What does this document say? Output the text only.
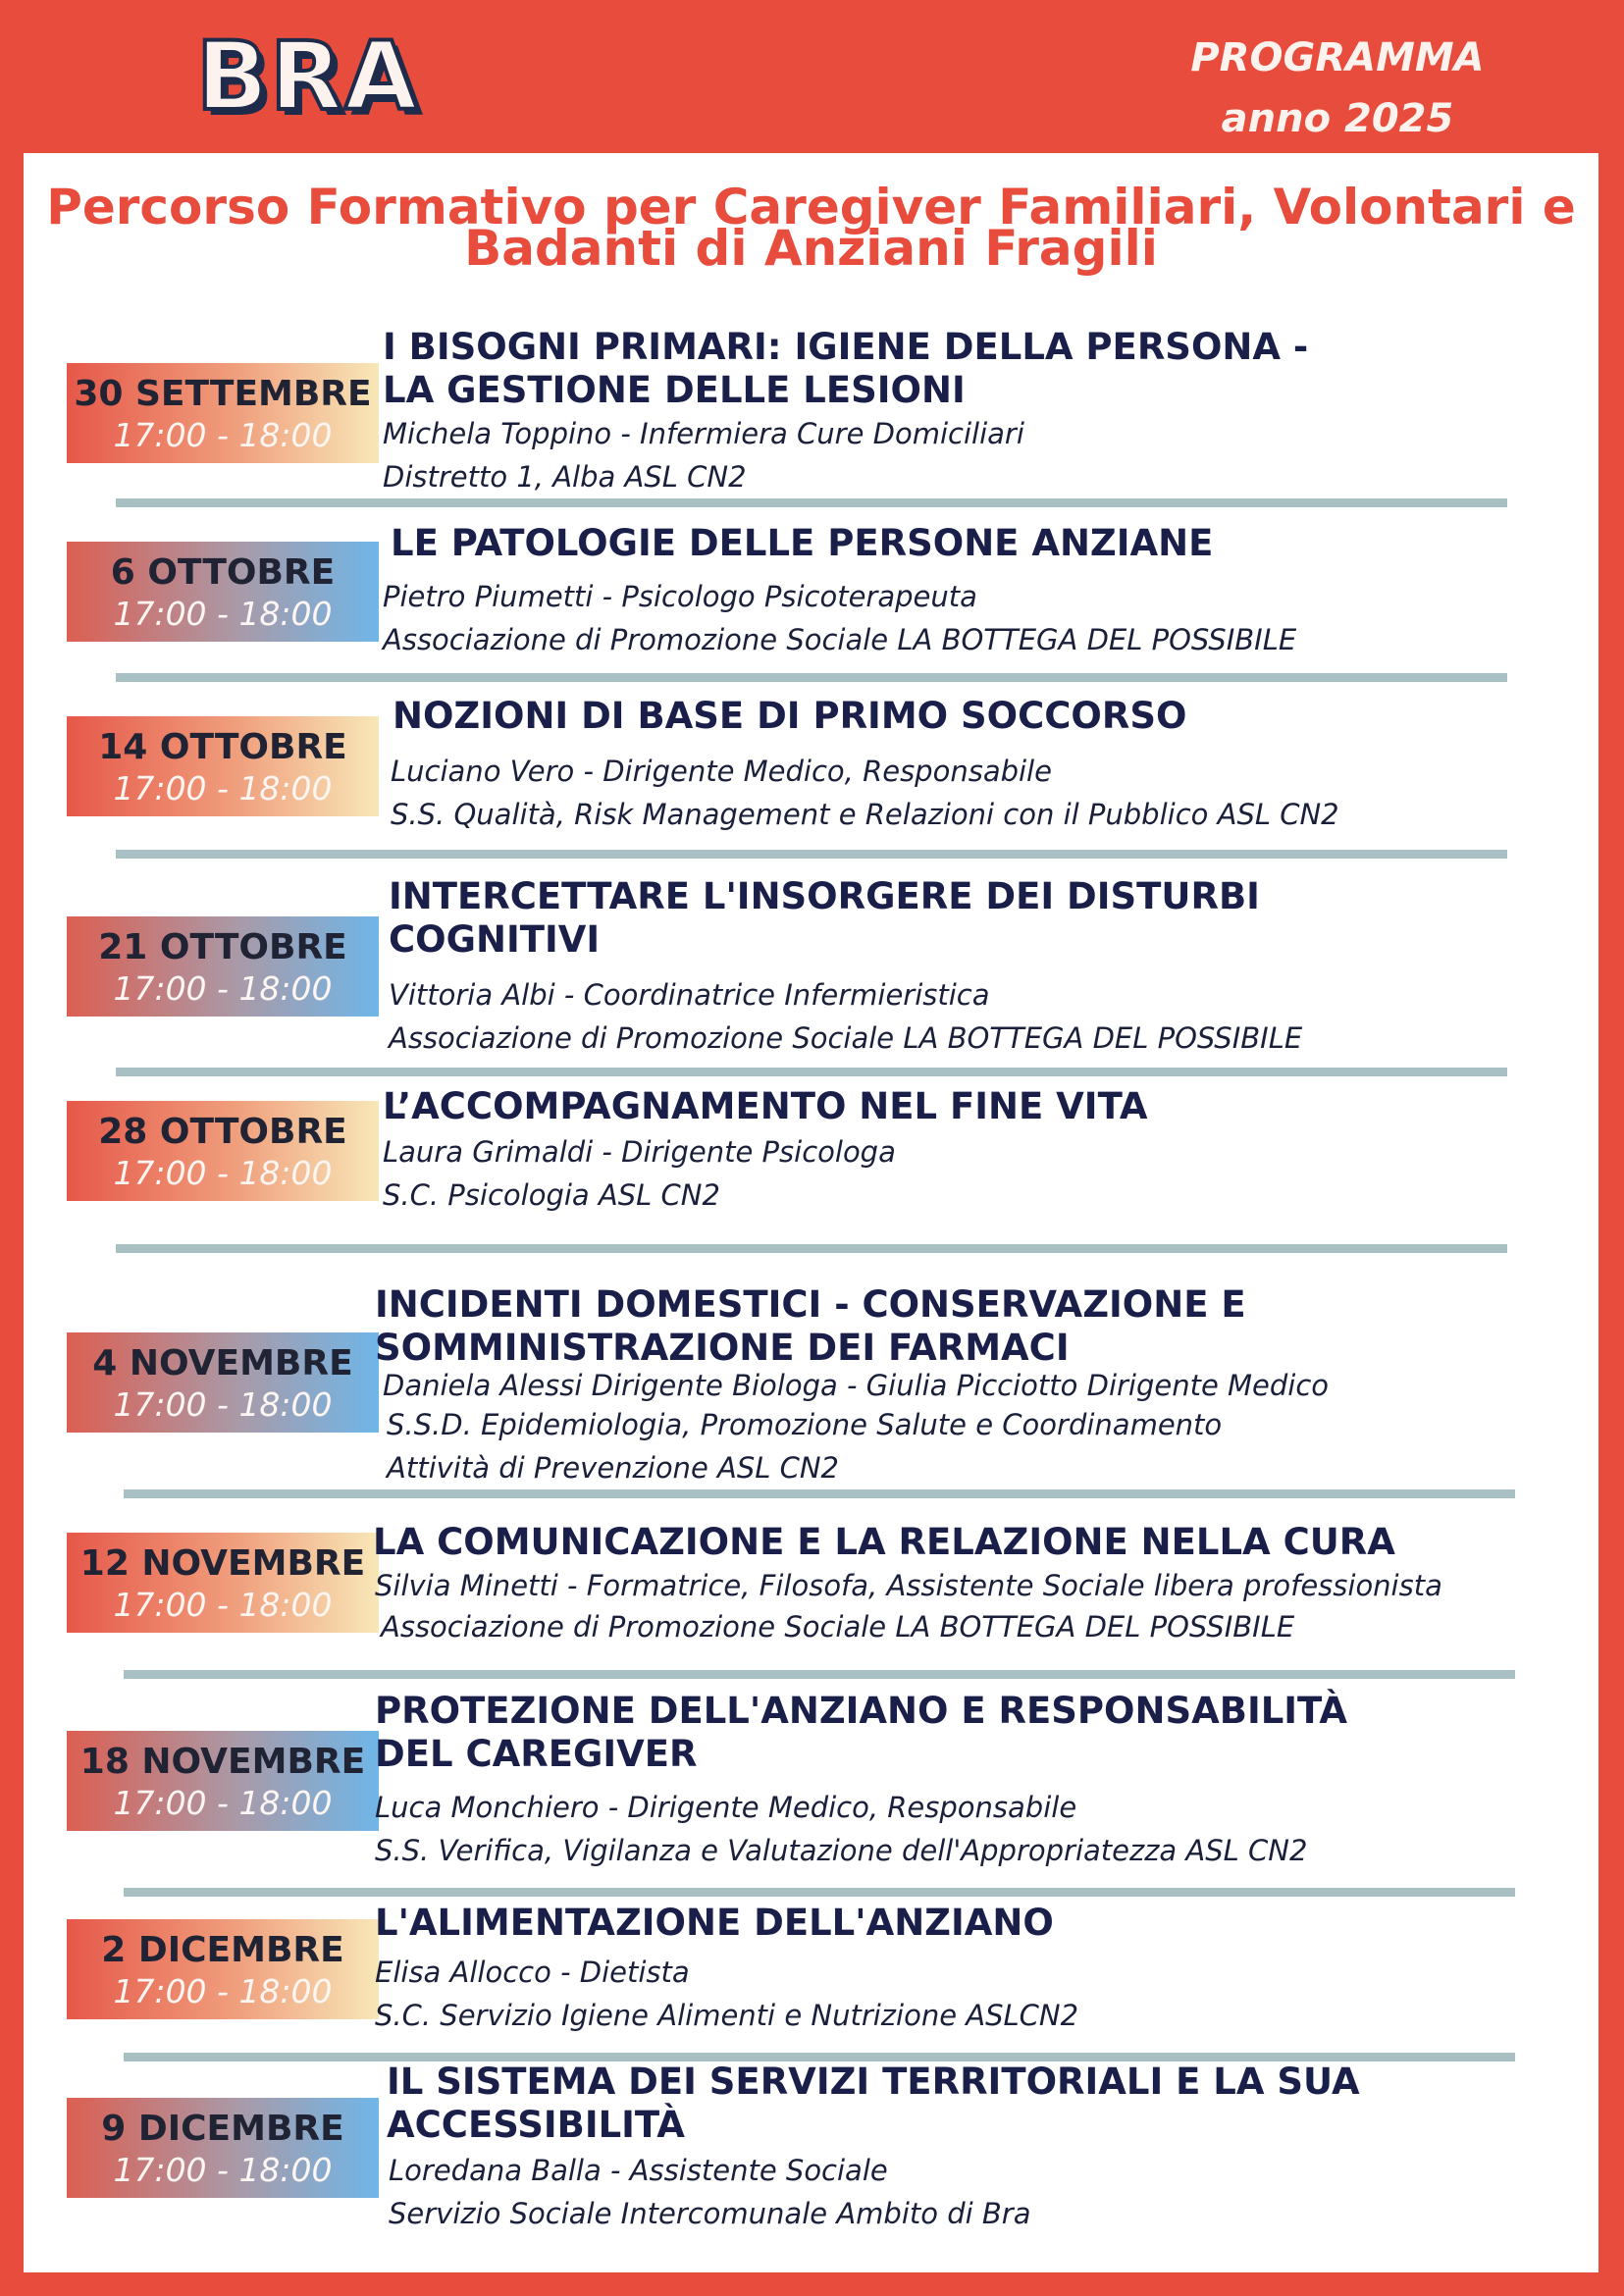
BRA	PROGRAMMA
anno 2025
Percorso Formativo per Caregiver Familiari, Volontari e
Badanti di Anziani Fragili
30 SETTEMBRE
17:00 - 18:00
I BISOGNI PRIMARI: IGIENE DELLA PERSONA -
LA GESTIONE DELLE LESIONI
Michela Toppino - Infermiera Cure Domiciliari
Distretto 1, Alba ASL CN2
6 OTTOBRE
17:00 - 18:00
LE PATOLOGIE DELLE PERSONE ANZIANE
Pietro Piumetti - Psicologo Psicoterapeuta
Associazione di Promozione Sociale LA BOTTEGA DEL POSSIBILE
14 OTTOBRE
17:00 - 18:00
NOZIONI DI BASE DI PRIMO SOCCORSO
Luciano Vero - Dirigente Medico, Responsabile
S.S. Qualità, Risk Management e Relazioni con il Pubblico ASL CN2
21 OTTOBRE
17:00 - 18:00
INTERCETTARE L'INSORGERE DEI DISTURBI
COGNITIVI
Vittoria Albi - Coordinatrice Infermieristica
Associazione di Promozione Sociale LA BOTTEGA DEL POSSIBILE
28 OTTOBRE
17:00 - 18:00
L’ACCOMPAGNAMENTO NEL FINE VITA
Laura Grimaldi - Dirigente Psicologa
S.C. Psicologia ASL CN2
4 NOVEMBRE
17:00 - 18:00
INCIDENTI DOMESTICI - CONSERVAZIONE E
SOMMINISTRAZIONE DEI FARMACI
Daniela Alessi Dirigente Biologa - Giulia Picciotto Dirigente Medico
S.S.D. Epidemiologia, Promozione Salute e Coordinamento
Attività di Prevenzione ASL CN2
12 NOVEMBRE
17:00 - 18:00
LA COMUNICAZIONE E LA RELAZIONE NELLA CURA
Silvia Minetti - Formatrice, Filosofa, Assistente Sociale libera professionista
Associazione di Promozione Sociale LA BOTTEGA DEL POSSIBILE
18 NOVEMBRE
17:00 - 18:00
PROTEZIONE DELL'ANZIANO E RESPONSABILITÀ
DEL CAREGIVER
Luca Monchiero - Dirigente Medico, Responsabile
S.S. Verifica, Vigilanza e Valutazione dell'Appropriatezza ASL CN2
2 DICEMBRE
17:00 - 18:00
L'ALIMENTAZIONE DELL'ANZIANO
Elisa Allocco - Dietista
S.C. Servizio Igiene Alimenti e Nutrizione ASLCN2
9 DICEMBRE
17:00 - 18:00
IL SISTEMA DEI SERVIZI TERRITORIALI E LA SUA
ACCESSIBILITÀ
Loredana Balla - Assistente Sociale
Servizio Sociale Intercomunale Ambito di Bra
